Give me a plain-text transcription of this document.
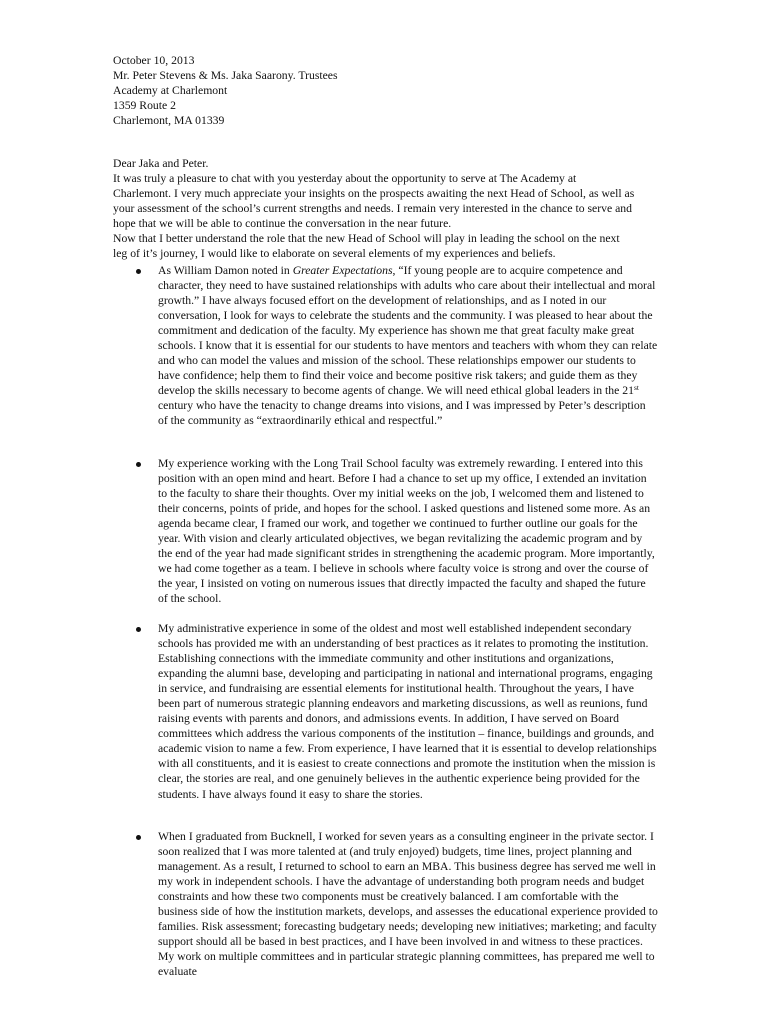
October 10, 2013
Mr. Peter Stevens & Ms. Jaka Saarony. Trustees
Academy at Charlemont
1359 Route 2
Charlemont, MA 01339

Dear Jaka and Peter.

It was truly a pleasure to chat with you yesterday about the opportunity to serve at The Academy at Charlemont. I very much appreciate your insights on the prospects awaiting the next Head of School, as well as your assessment of the school’s current strengths and needs. I remain very interested in the chance to serve and hope that we will be able to continue the conversation in the near future.

Now that I better understand the role that the new Head of School will play in leading the school on the next leg of it’s journey, I would like to elaborate on several elements of my experiences and beliefs.

As William Damon noted in Greater Expectations, “If young people are to acquire competence and character, they need to have sustained relationships with adults who care about their intellectual and moral growth.” I have always focused effort on the development of relationships, and as I noted in our conversation, I look for ways to celebrate the students and the community. I was pleased to hear about the commitment and dedication of the faculty. My experience has shown me that great faculty make great schools. I know that it is essential for our students to have mentors and teachers with whom they can relate and who can model the values and mission of the school. These relationships empower our students to have confidence; help them to find their voice and become positive risk takers; and guide them as they develop the skills necessary to become agents of change. We will need ethical global leaders in the 21st century who have the tenacity to change dreams into visions, and I was impressed by Peter’s description of the community as “extraordinarily ethical and respectful.”
My experience working with the Long Trail School faculty was extremely rewarding. I entered into this position with an open mind and heart. Before I had a chance to set up my office, I extended an invitation to the faculty to share their thoughts. Over my initial weeks on the job, I welcomed them and listened to their concerns, points of pride, and hopes for the school. I asked questions and listened some more. As an agenda became clear, I framed our work, and together we continued to further outline our goals for the year. With vision and clearly articulated objectives, we began revitalizing the academic program and by the end of the year had made significant strides in strengthening the academic program. More importantly, we had come together as a team. I believe in schools where faculty voice is strong and over the course of the year, I insisted on voting on numerous issues that directly impacted the faculty and shaped the future of the school.
My administrative experience in some of the oldest and most well established independent secondary schools has provided me with an understanding of best practices as it relates to promoting the institution. Establishing connections with the immediate community and other institutions and organizations, expanding the alumni base, developing and participating in national and international programs, engaging in service, and fundraising are essential elements for institutional health. Throughout the years, I have been part of numerous strategic planning endeavors and marketing discussions, as well as reunions, fund raising events with parents and donors, and admissions events. In addition, I have served on Board committees which address the various components of the institution – finance, buildings and grounds, and academic vision to name a few. From experience, I have learned that it is essential to develop relationships with all constituents, and it is easiest to create connections and promote the institution when the mission is clear, the stories are real, and one genuinely believes in the authentic experience being provided for the students. I have always found it easy to share the stories.
When I graduated from Bucknell, I worked for seven years as a consulting engineer in the private sector. I soon realized that I was more talented at (and truly enjoyed) budgets, time lines, project planning and management. As a result, I returned to school to earn an MBA. This business degree has served me well in my work in independent schools. I have the advantage of understanding both program needs and budget constraints and how these two components must be creatively balanced. I am comfortable with the business side of how the institution markets, develops, and assesses the educational experience provided to families. Risk assessment; forecasting budgetary needs; developing new initiatives; marketing; and faculty support should all be based in best practices, and I have been involved in and witness to these practices. My work on multiple committees and in particular strategic planning committees, has prepared me well to evaluate
